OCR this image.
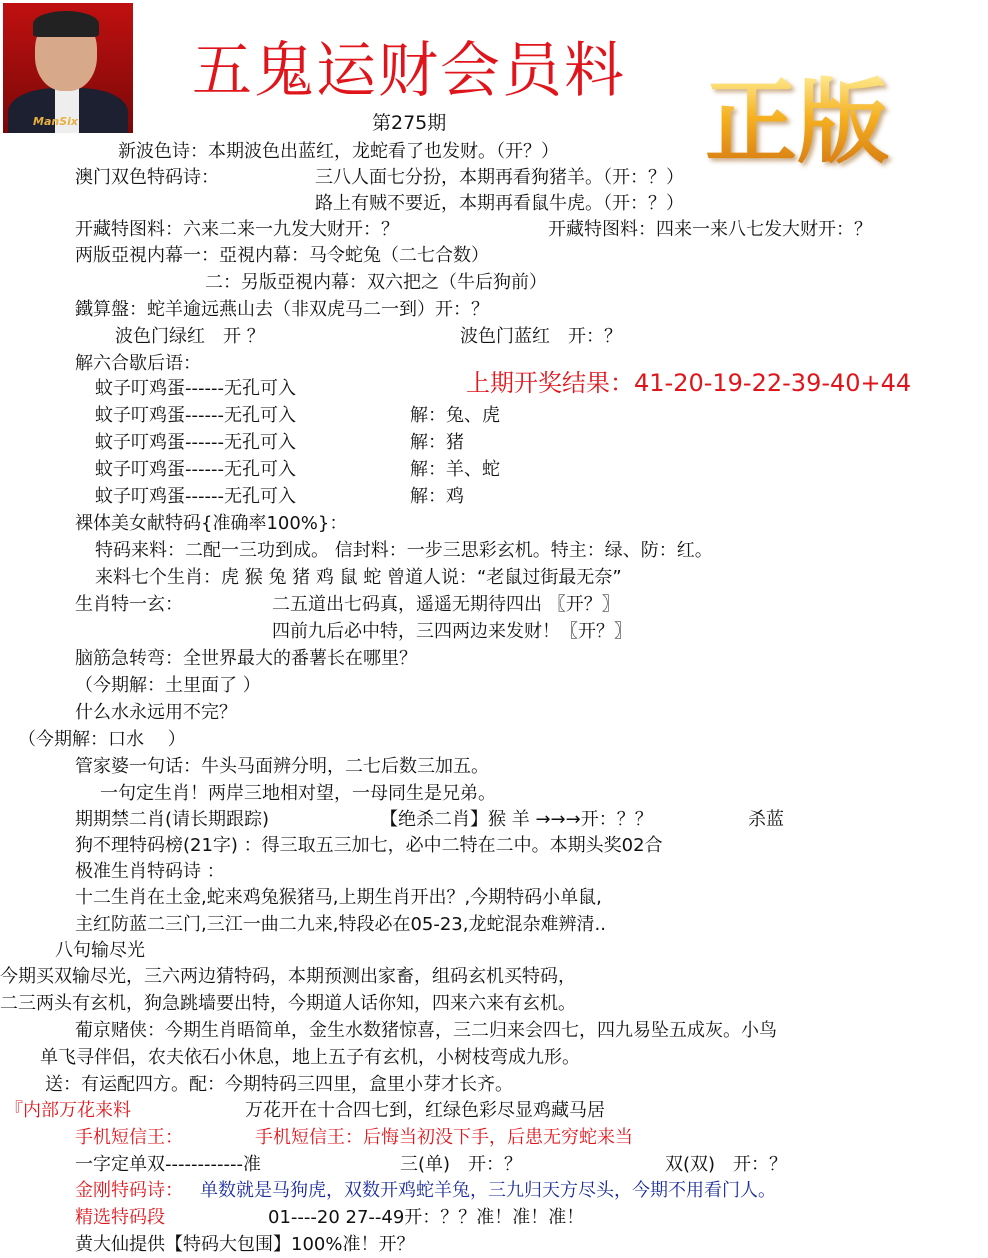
ManSix
五鬼运财会员料
第275期	正版
上期开奖结果：41-20-19-22-39-40+44
新波色诗：本期波色出蓝红，龙蛇看了也发财。（开？）
澳门双色特码诗：	三八人面七分扮，本期再看狗猪羊。（开：？）
路上有贼不要近，本期再看鼠牛虎。（开：？）
开藏特图料：六来二来一九发大财开：？	开藏特图料：四来一来八七发大财开：？
两版亞視内幕一：亞視内幕：马令蛇兔（二七合数）
二：另版亞視内幕：双六把之（牛后狗前）
鐵算盤：蛇羊逾远燕山去（非双虎马二一到）开：？
波色门绿红　开 ？	波色门蓝红　开：？
解六合歇后语：
蚊子叮鸡蛋------无孔可入
蚊子叮鸡蛋------无孔可入	解：兔、虎
蚊子叮鸡蛋------无孔可入	解：猪
蚊子叮鸡蛋------无孔可入	解：羊、蛇
蚊子叮鸡蛋------无孔可入	解：鸡
裸体美女献特码{准确率100%}：
特码来料：二配一三功到成。 信封料：一步三思彩玄机。特主：绿、防：红。
来料七个生肖：虎 猴 兔 猪 鸡 鼠 蛇 曾道人说：“老鼠过街最无奈”
生肖特一玄：	二五道出七码真，遥遥无期待四出 〖开？〗
四前九后必中特，三四两边来发财！〖开？〗
脑筋急转弯：全世界最大的番薯长在哪里？
（今期解：土里面了 ）
什么水永远用不完？
（今期解：口水　 ）
管家婆一句话：牛头马面辨分明，二七后数三加五。
一句定生肖！两岸三地相对望，一母同生是兄弟。
期期禁二肖(请长期跟踪)	【绝杀二肖】猴 羊 →→→开：？？	杀蓝
狗不理特码榜(21字) ：得三取五三加七，必中二特在二中。本期头奖02合
极准生肖特码诗 ：
十二生肖在土金,蛇来鸡兔猴猪马,上期生肖开出？,今期特码小单鼠,
主红防蓝二三门,三江一曲二九来,特段必在05-23,龙蛇混杂难辨清..
八句输尽光
今期买双输尽光，三六两边猜特码，本期预测出家畜，组码玄机买特码，
二三两头有玄机，狗急跳墙要出特，今期道人话你知，四来六来有玄机。
葡京赌侠：今期生肖晤简单，金生水数猪惊喜，三二归来会四七，四九易坠五成灰。小鸟
单飞寻伴侣，农夫依石小休息，地上五子有玄机，小树枝弯成九形。
送：有运配四方。配：今期特码三四里，盒里小芽才长齐。
『内部万花来料	万花开在十合四七到，红绿色彩尽显鸡藏马居
手机短信王：	手机短信王：后悔当初没下手，后患无穷蛇来当
一字定单双------------准	三(单)　开：？	双(双)　开：？
金刚特码诗： 单数就是马狗虎，双数开鸡蛇羊兔，三九归天方尽头，今期不用看门人。
精选特码段	01----20 27--49开：？？准！准！准！
黄大仙提供【特码大包围】100%准！开？
